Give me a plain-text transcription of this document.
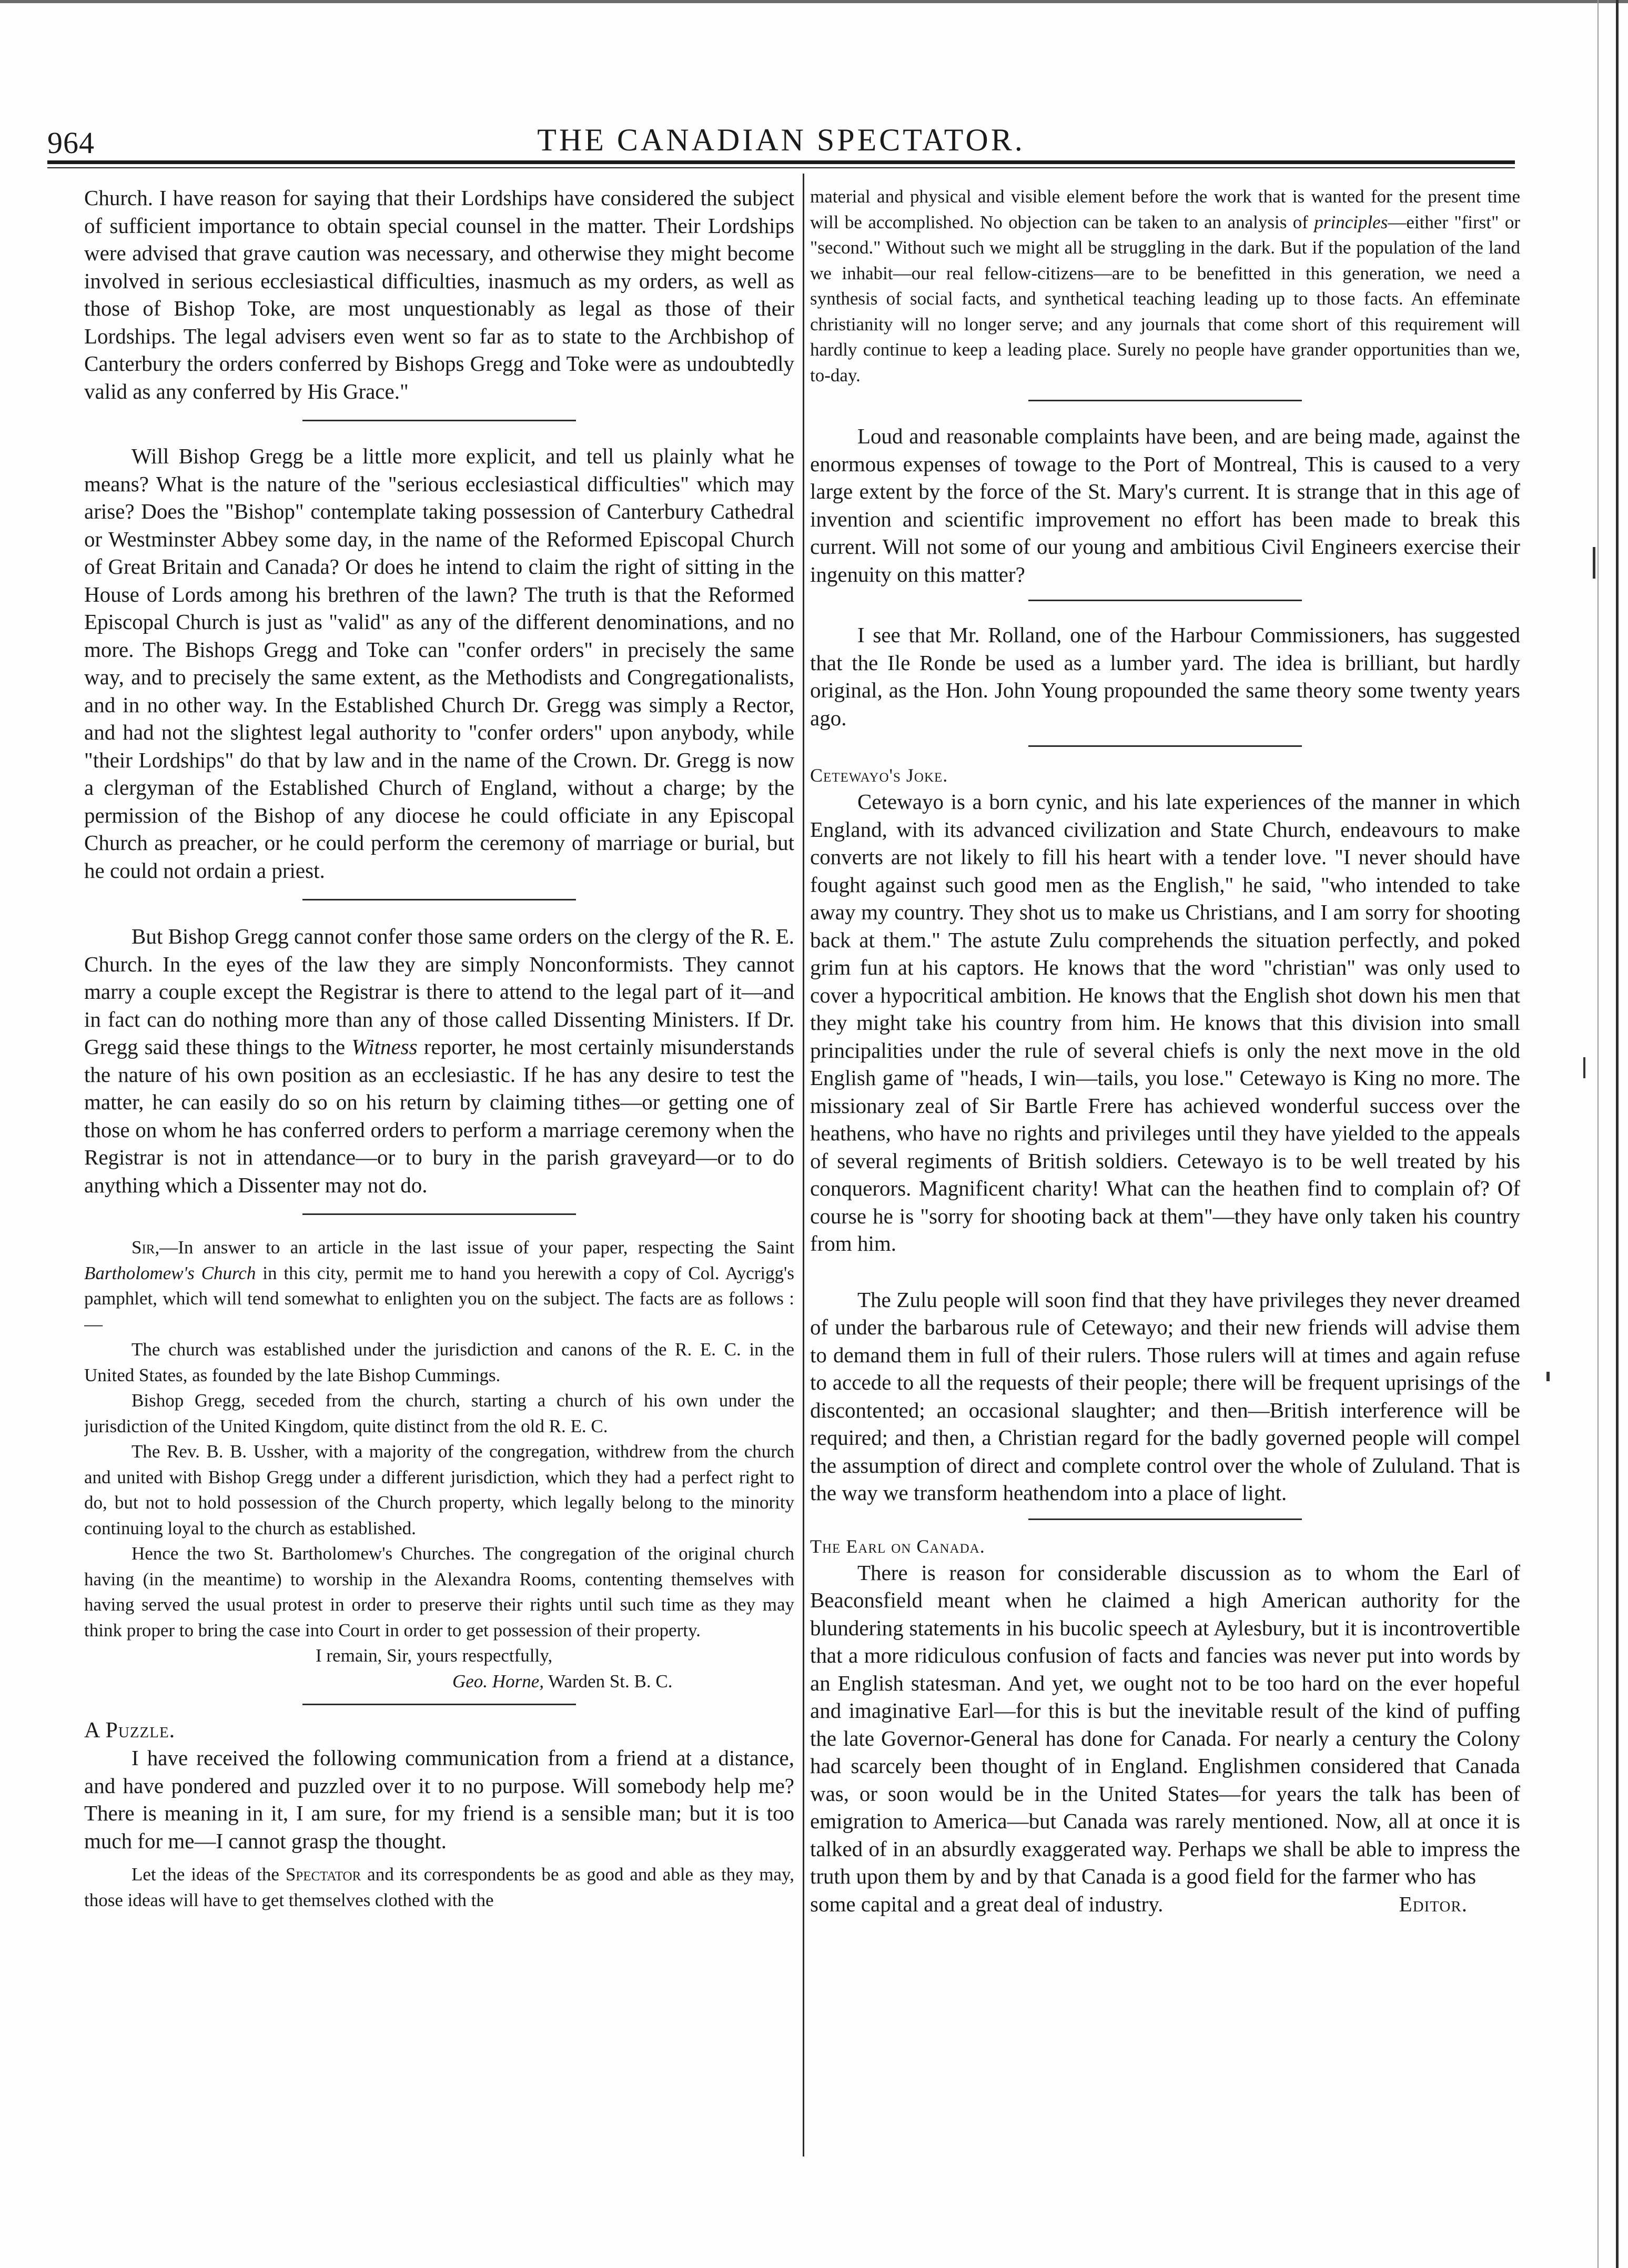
964	THE CANADIAN SPECTATOR.

Church. I have reason for saying that their Lordships have considered the subject of sufficient importance to obtain special counsel in the matter. Their Lordships were advised that grave caution was necessary, and otherwise they might become involved in serious ecclesiastical difficulties, inasmuch as my orders, as well as those of Bishop Toke, are most unquestionably as legal as those of their Lordships. The legal advisers even went so far as to state to the Archbishop of Canterbury the orders conferred by Bishops Gregg and Toke were as undoubtedly valid as any conferred by His Grace."

Will Bishop Gregg be a little more explicit, and tell us plainly what he means? What is the nature of the "serious ecclesiastical difficulties" which may arise? Does the "Bishop" contemplate taking possession of Canterbury Cathedral or Westminster Abbey some day, in the name of the Reformed Episcopal Church of Great Britain and Canada? Or does he intend to claim the right of sitting in the House of Lords among his brethren of the lawn? The truth is that the Reformed Episcopal Church is just as "valid" as any of the different denominations, and no more. The Bishops Gregg and Toke can "confer orders" in precisely the same way, and to precisely the same extent, as the Methodists and Congregationalists, and in no other way. In the Established Church Dr. Gregg was simply a Rector, and had not the slightest legal authority to "confer orders" upon anybody, while "their Lordships" do that by law and in the name of the Crown. Dr. Gregg is now a clergyman of the Established Church of England, without a charge; by the permission of the Bishop of any diocese he could officiate in any Episcopal Church as preacher, or he could perform the ceremony of marriage or burial, but he could not ordain a priest.

But Bishop Gregg cannot confer those same orders on the clergy of the R. E. Church. In the eyes of the law they are simply Nonconformists. They cannot marry a couple except the Registrar is there to attend to the legal part of it—and in fact can do nothing more than any of those called Dissenting Ministers. If Dr. Gregg said these things to the Witness reporter, he most certainly misunderstands the nature of his own position as an ecclesiastic. If he has any desire to test the matter, he can easily do so on his return by claiming tithes—or getting one of those on whom he has conferred orders to perform a marriage ceremony when the Registrar is not in attendance—or to bury in the parish graveyard—or to do anything which a Dissenter may not do.

Sir,—In answer to an article in the last issue of your paper, respecting the Saint Bartholomew's Church in this city, permit me to hand you herewith a copy of Col. Aycrigg's pamphlet, which will tend somewhat to enlighten you on the subject. The facts are as follows :—

The church was established under the jurisdiction and canons of the R. E. C. in the United States, as founded by the late Bishop Cummings.

Bishop Gregg, seceded from the church, starting a church of his own under the jurisdiction of the United Kingdom, quite distinct from the old R. E. C.

The Rev. B. B. Ussher, with a majority of the congregation, withdrew from the church and united with Bishop Gregg under a different jurisdiction, which they had a perfect right to do, but not to hold possession of the Church property, which legally belong to the minority continuing loyal to the church as established.

Hence the two St. Bartholomew's Churches. The congregation of the original church having (in the meantime) to worship in the Alexandra Rooms, contenting themselves with having served the usual protest in order to preserve their rights until such time as they may think proper to bring the case into Court in order to get possession of their property.

I remain, Sir, yours respectfully,

Geo. Horne, Warden St. B. C.

A Puzzle.

I have received the following communication from a friend at a distance, and have pondered and puzzled over it to no purpose. Will somebody help me? There is meaning in it, I am sure, for my friend is a sensible man; but it is too much for me—I cannot grasp the thought.

Let the ideas of the Spectator and its correspondents be as good and able as they may, those ideas will have to get themselves clothed with the

material and physical and visible element before the work that is wanted for the present time will be accomplished. No objection can be taken to an analysis of principles—either "first" or "second." Without such we might all be struggling in the dark. But if the population of the land we inhabit—our real fellow-citizens—are to be benefitted in this generation, we need a synthesis of social facts, and synthetical teaching leading up to those facts. An effeminate christianity will no longer serve; and any journals that come short of this requirement will hardly continue to keep a leading place. Surely no people have grander opportunities than we, to-day.

Loud and reasonable complaints have been, and are being made, against the enormous expenses of towage to the Port of Montreal, This is caused to a very large extent by the force of the St. Mary's current. It is strange that in this age of invention and scientific improvement no effort has been made to break this current. Will not some of our young and ambitious Civil Engineers exercise their ingenuity on this matter?

I see that Mr. Rolland, one of the Harbour Commissioners, has suggested that the Ile Ronde be used as a lumber yard. The idea is brilliant, but hardly original, as the Hon. John Young propounded the same theory some twenty years ago.

Cetewayo's Joke.

Cetewayo is a born cynic, and his late experiences of the manner in which England, with its advanced civilization and State Church, endeavours to make converts are not likely to fill his heart with a tender love. "I never should have fought against such good men as the English," he said, "who intended to take away my country. They shot us to make us Christians, and I am sorry for shooting back at them." The astute Zulu comprehends the situation perfectly, and poked grim fun at his captors. He knows that the word "christian" was only used to cover a hypocritical ambition. He knows that the English shot down his men that they might take his country from him. He knows that this division into small principalities under the rule of several chiefs is only the next move in the old English game of "heads, I win—tails, you lose." Cetewayo is King no more. The missionary zeal of Sir Bartle Frere has achieved wonderful success over the heathens, who have no rights and privileges until they have yielded to the appeals of several regiments of British soldiers. Cetewayo is to be well treated by his conquerors. Magnificent charity! What can the heathen find to complain of? Of course he is "sorry for shooting back at them"—they have only taken his country from him.

The Zulu people will soon find that they have privileges they never dreamed of under the barbarous rule of Cetewayo; and their new friends will advise them to demand them in full of their rulers. Those rulers will at times and again refuse to accede to all the requests of their people; there will be frequent uprisings of the discontented; an occasional slaughter; and then—British interference will be required; and then, a Christian regard for the badly governed people will compel the assumption of direct and complete control over the whole of Zululand. That is the way we transform heathendom into a place of light.

The Earl on Canada.

There is reason for considerable discussion as to whom the Earl of Beaconsfield meant when he claimed a high American authority for the blundering statements in his bucolic speech at Aylesbury, but it is incontrovertible that a more ridiculous confusion of facts and fancies was never put into words by an English statesman. And yet, we ought not to be too hard on the ever hopeful and imaginative Earl—for this is but the inevitable result of the kind of puffing the late Governor-General has done for Canada. For nearly a century the Colony had scarcely been thought of in England. Englishmen considered that Canada was, or soon would be in the United States—for years the talk has been of emigration to America—but Canada was rarely mentioned. Now, all at once it is talked of in an absurdly exaggerated way. Perhaps we shall be able to impress the truth upon them by and by that Canada is a good field for the farmer who has

some capital and a great deal of industry.	Editor.
